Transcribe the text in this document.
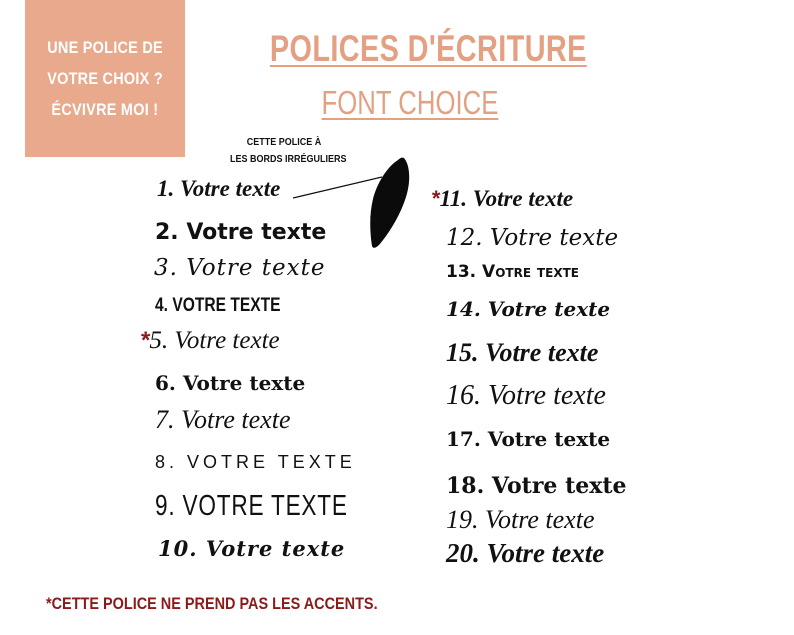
UNE POLICE DE
VOTRE CHOIX ?
ÉCVIVRE MOI !
POLICES D'ÉCRITURE
FONT CHOICE
CETTE POLICE À
LES BORDS IRRÉGULIERS
1. Votre texte
2. Votre texte
3. Votre texte
4. VOTRE TEXTE
*5. Votre texte
6. Votre texte
7. Votre texte
8. VOTRE TEXTE
9. VOTRE TEXTE
10. Votre texte
*11. Votre texte
12. Votre texte
13. Votre texte
14. Votre texte
15. Votre texte
16. Votre texte
17. Votre texte
18. Votre texte
19. Votre texte
20. Votre texte
*CETTE POLICE NE PREND PAS LES ACCENTS.
